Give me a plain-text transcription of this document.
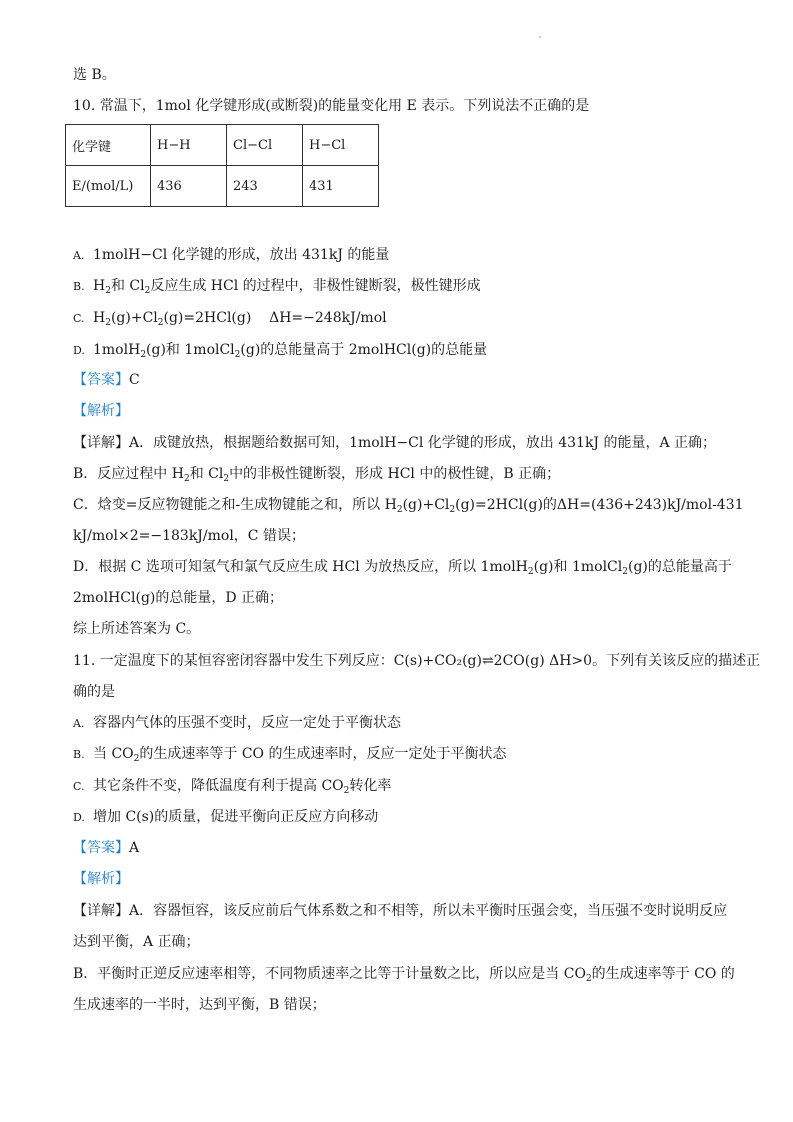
选 B。
10. 常温下，1mol 化学键形成(或断裂)的能量变化用 E 表示。下列说法不正确的是
化学键	H−H	Cl−Cl	H−Cl
E/(mol/L)	436	243	431
A. 1molH−Cl 化学键的形成，放出 431kJ 的能量
B. $H_2$和 $Cl_2$反应生成 HCl 的过程中，非极性键断裂，极性键形成
C. $H_2(g)+Cl_2(g)=2HCl(g)$    ΔH=−248kJ/mol
D. 1molH$_2$(g)和 1molCl$_2$(g)的总能量高于 2molHCl(g)的总能量
【答案】C
【解析】
【详解】A．成键放热，根据题给数据可知，1molH−Cl 化学键的形成，放出 431kJ 的能量，A 正确；
B．反应过程中 $H_2$和 $Cl_2$中的非极性键断裂，形成 HCl 中的极性键，B 正确；
C．焓变=反应物键能之和-生成物键能之和，所以 $H_2(g)+Cl_2(g)=2HCl(g)$的ΔH=(436+243)kJ/mol-431
kJ/mol×2=−183kJ/mol，C 错误；
D．根据 C 选项可知氢气和氯气反应生成 HCl 为放热反应，所以 1molH$_2$(g)和 1molCl$_2$(g)的总能量高于
2molHCl(g)的总能量，D 正确；
综上所述答案为 C。
11. 一定温度下的某恒容密闭容器中发生下列反应：C(s)+CO₂(g)⇌2CO(g) ΔH>0。下列有关该反应的描述正
确的是
A. 容器内气体的压强不变时，反应一定处于平衡状态
B. 当 $CO_2$的生成速率等于 CO 的生成速率时，反应一定处于平衡状态
C. 其它条件不变，降低温度有利于提高 $CO_2$转化率
D. 增加 C(s)的质量，促进平衡向正反应方向移动
【答案】A
【解析】
【详解】A．容器恒容，该反应前后气体系数之和不相等，所以未平衡时压强会变，当压强不变时说明反应
达到平衡，A 正确；
B．平衡时正逆反应速率相等，不同物质速率之比等于计量数之比，所以应是当 $CO_2$的生成速率等于 CO 的
生成速率的一半时，达到平衡，B 错误；
